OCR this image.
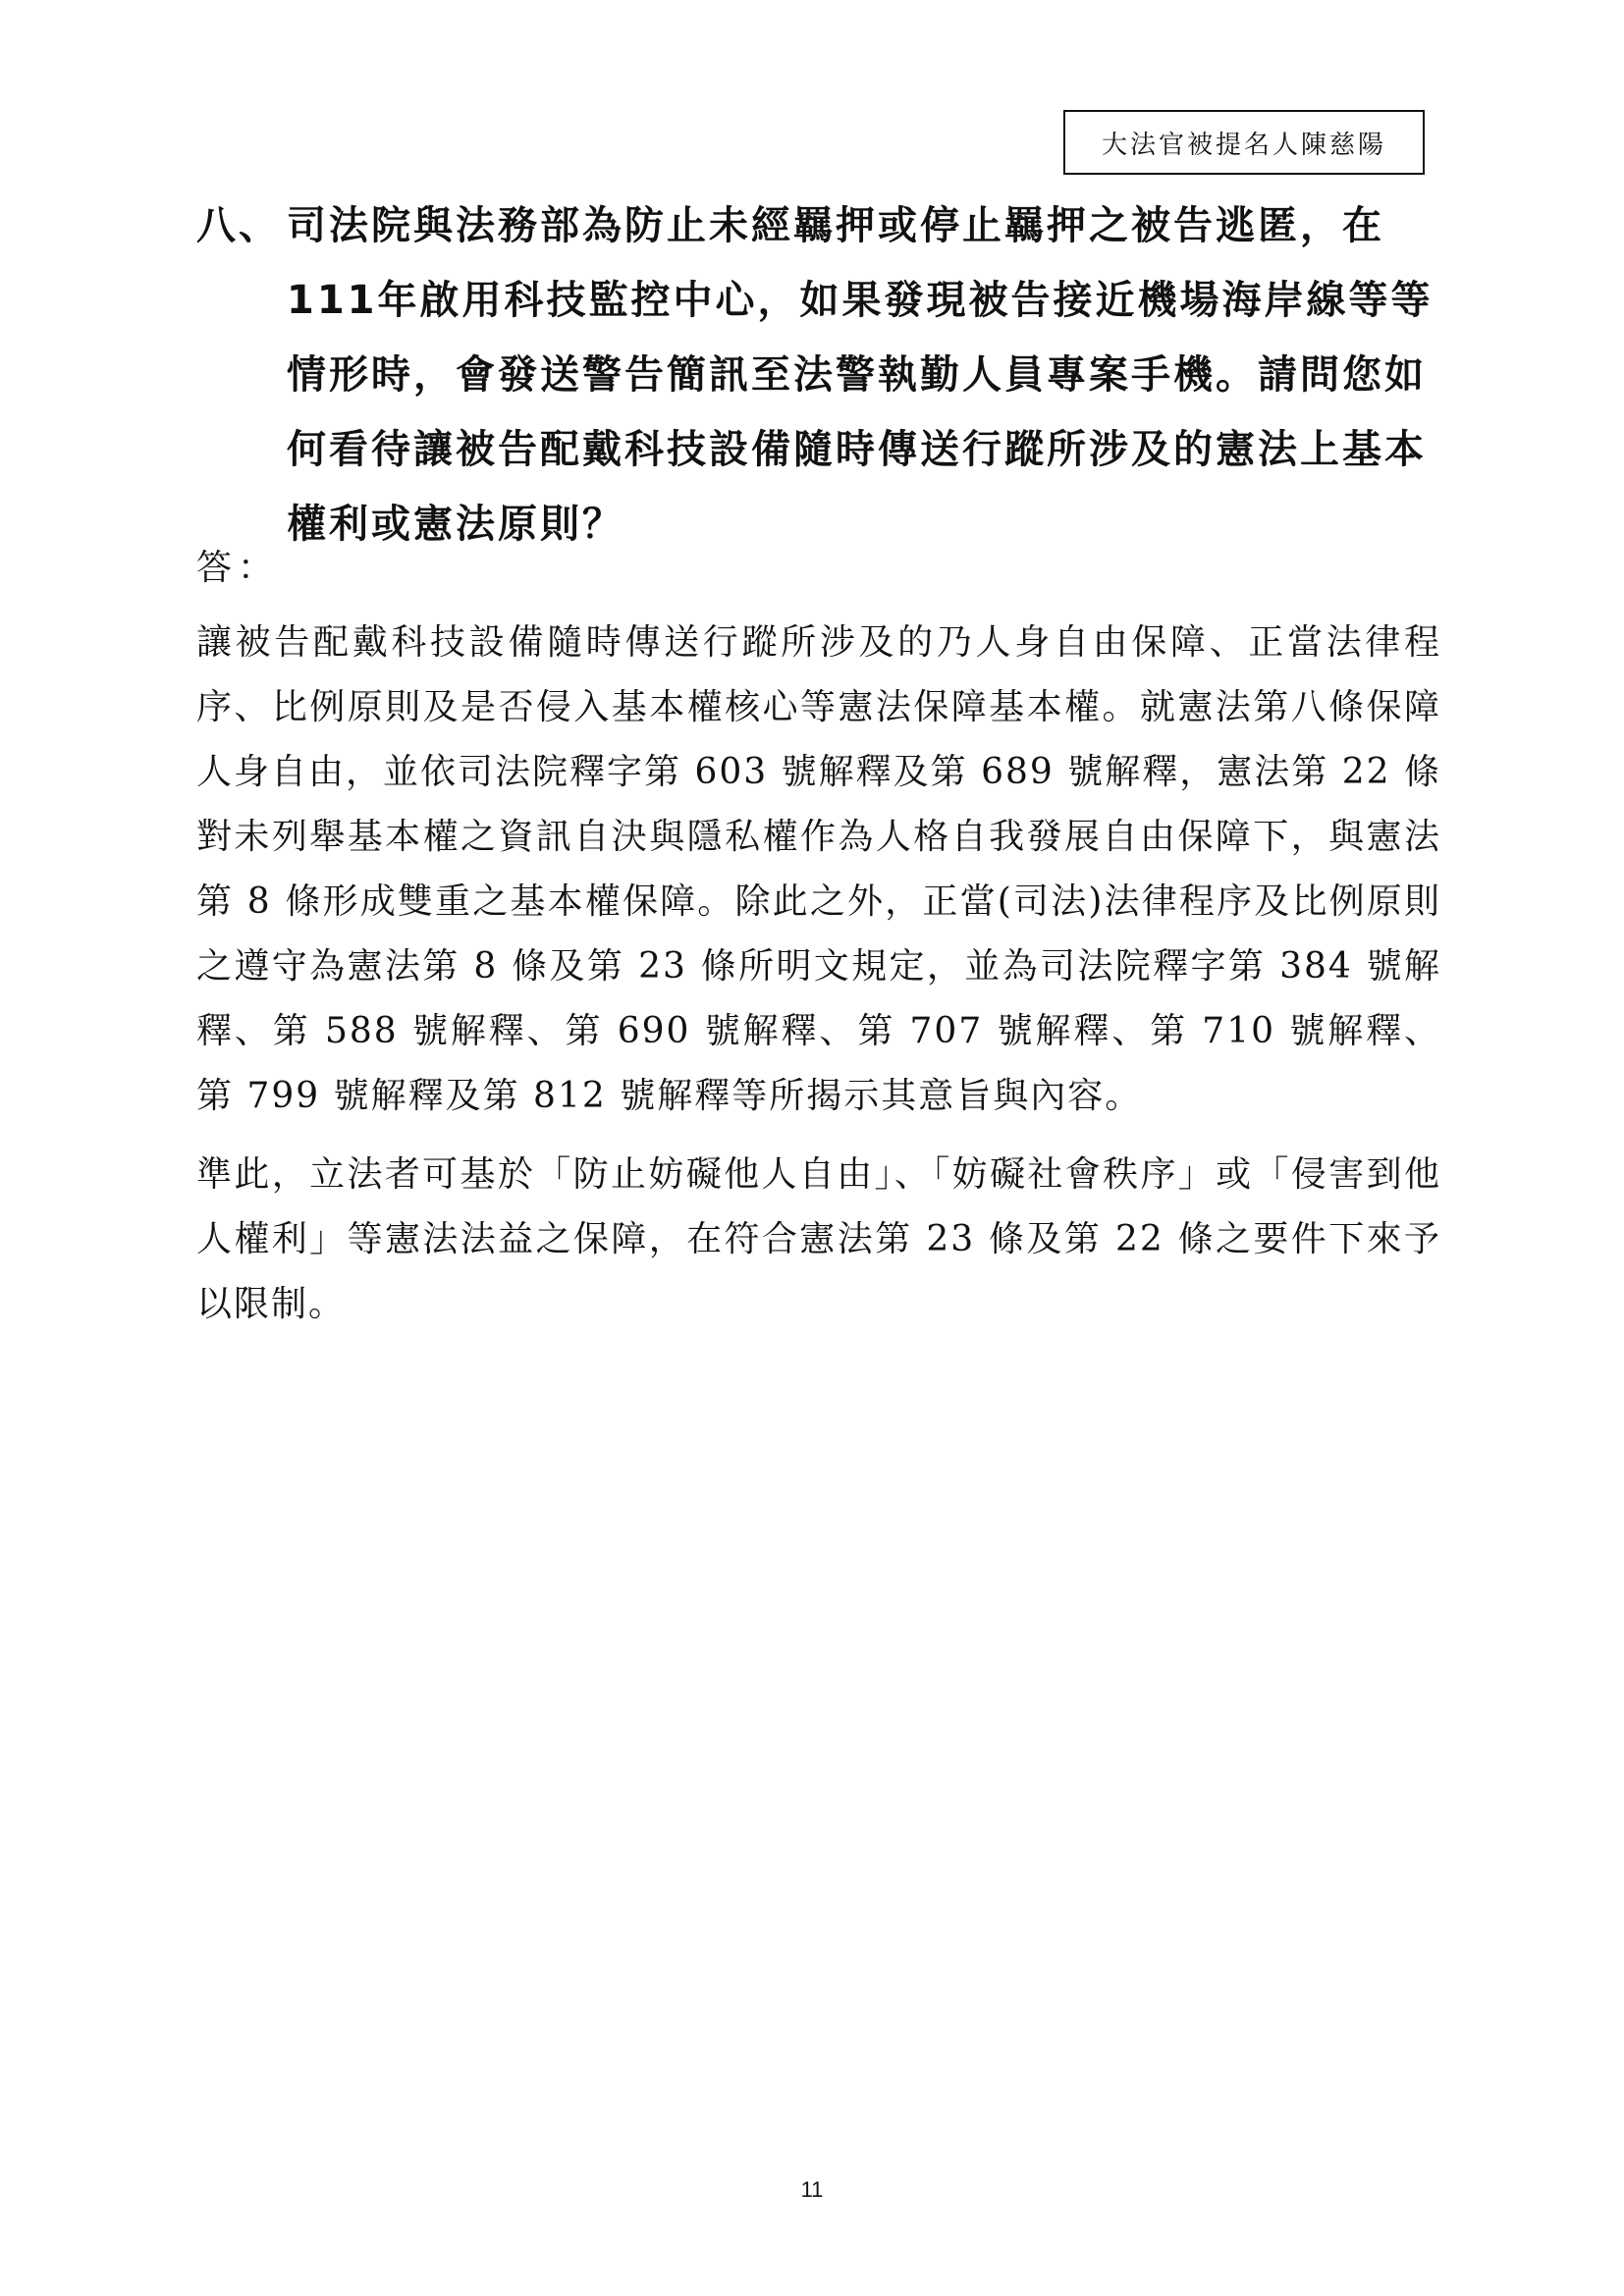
大法官被提名人陳慈陽
八、 司法院與法務部為防止未經羈押或停止羈押之被告逃匿，在111年啟用科技監控中心，如果發現被告接近機場海岸線等等情形時，會發送警告簡訊至法警執勤人員專案手機。請問您如何看待讓被告配戴科技設備隨時傳送行蹤所涉及的憲法上基本權利或憲法原則？
答：

讓被告配戴科技設備隨時傳送行蹤所涉及的乃人身自由保障、正當法律程序、比例原則及是否侵入基本權核心等憲法保障基本權。就憲法第八條保障人身自由，並依司法院釋字第 603 號解釋及第 689 號解釋，憲法第 22 條對未列舉基本權之資訊自決與隱私權作為人格自我發展自由保障下，與憲法第 8 條形成雙重之基本權保障。除此之外，正當(司法)法律程序及比例原則之遵守為憲法第 8 條及第 23 條所明文規定，並為司法院釋字第 384 號解釋、第 588 號解釋、第 690 號解釋、第 707 號解釋、第 710 號解釋、第 799 號解釋及第 812 號解釋等所揭示其意旨與內容。

準此，立法者可基於「防止妨礙他人自由」、「妨礙社會秩序」或「侵害到他人權利」等憲法法益之保障，在符合憲法第 23 條及第 22 條之要件下來予以限制。

11
